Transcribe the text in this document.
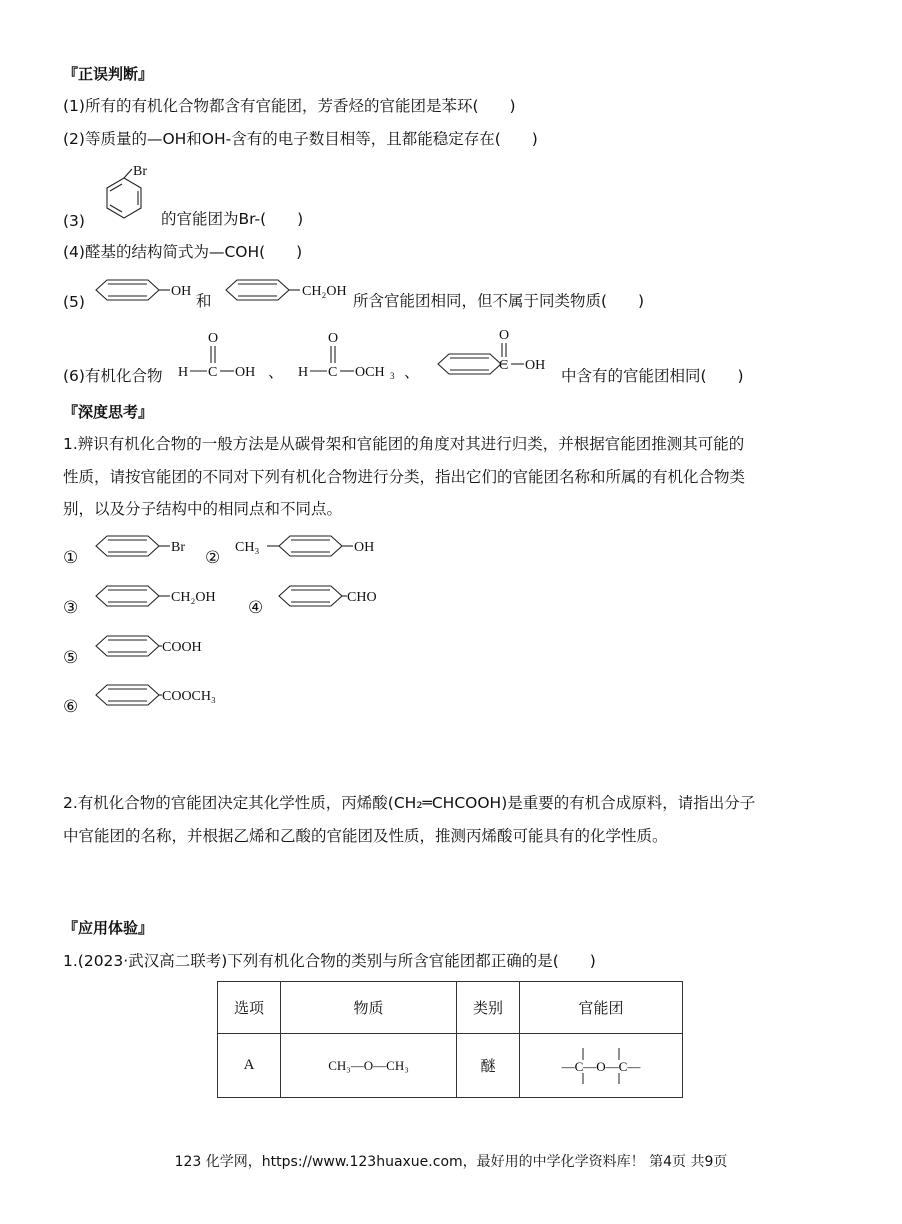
『正误判断』
(1)所有的有机化合物都含有官能团，芳香烃的官能团是苯环(　　)
(2)等质量的—OH和OH-含有的电子数目相等，且都能稳定存在(　　)
(3)
Br
的官能团为Br-(　　)
(4)醛基的结构简式为—COH(　　)
(5)
OH
和
CH₂OH
所含官能团相同，但不属于同类物质(　　)
(6)有机化合物
O
H C OH 、
O
H C OCH 3 、
O
C OH
中含有的官能团相同(　　)
『深度思考』
1.辨识有机化合物的一般方法是从碳骨架和官能团的角度对其进行归类，并根据官能团推测其可能的
性质，请按官能团的不同对下列有机化合物进行分类，指出它们的官能团名称和所属的有机化合物类
别，以及分子结构中的相同点和不同点。
①
Br
②
CH₃	OH
③
CH₂OH
④
CHO
⑤
COOH
⑥
COOCH₃
2.有机化合物的官能团决定其化学性质，丙烯酸(CH₂═CHCOOH)是重要的有机合成原料，请指出分子
中官能团的名称，并根据乙烯和乙酸的官能团及性质，推测丙烯酸可能具有的化学性质。
『应用体验』
1.(2023·武汉高二联考)下列有机化合物的类别与所含官能团都正确的是(　　)
选项	物质	类别	官能团
A	CH₃—O—CH₃	醚	—C—O—C—
123 化学网，https://www.123huaxue.com，最好用的中学化学资料库！ 第4页 共9页
